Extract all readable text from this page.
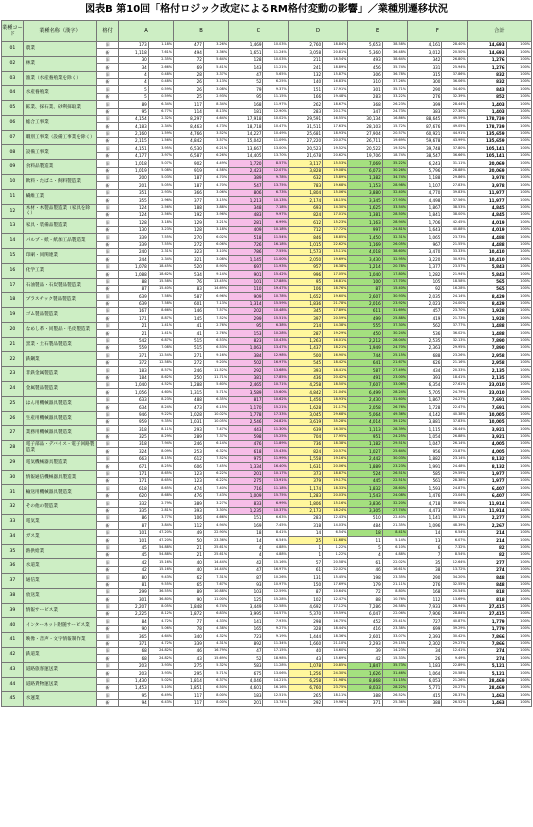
図表B 第10回「格付ロジック改定によるRM格付変動の影響」／業種別遷移状況
業種コード	業種名称（漢字）	格付	A		B		C		D		E		F		合計	
01	農業	旧	173	1.18%	477	3.26%	1,469	10.03%	2,760	18.84%	5,653	38.58%	4,161	28.40%	14,693	100%
		新	1,118	7.61%	494	3.36%	1,651	11.24%	3,058	20.81%	5,360	36.48%	3,012	20.50%	14,693	100%
02	林業	旧	30	2.35%	72	5.64%	128	10.03%	211	16.54%	493	38.64%	342	26.80%	1,276	100%
		新	34	2.66%	69	5.41%	143	11.21%	241	18.89%	456	35.74%	331	25.94%	1,276	100%
03	漁業（水産養殖業を除く）	旧	4	0.48%	28	3.37%	47	5.65%	132	15.87%	306	36.78%	315	37.86%	832	100%
		新	4	0.48%	26	3.13%	52	6.25%	140	16.83%	310	37.26%	300	36.06%	832	100%
04	水産養殖業	旧	5	0.59%	26	3.08%	79	9.37%	151	17.91%	301	35.71%	290	34.40%	843	100%
		新	5	0.59%	25	2.93%	95	11.15%	166	19.48%	283	33.22%	276	32.39%	852	100%
05	鉱業、採石業、砂利採取業	旧	89	6.34%	117	8.34%	168	11.97%	262	18.67%	368	26.23%	399	28.44%	1,403	100%
		新	95	6.77%	114	8.13%	181	12.90%	283	20.17%	347	24.73%	383	27.30%	1,403	100%
06	総合工事業	旧	4,154	2.32%	8,297	4.64%	17,918	10.02%	29,591	16.55%	30,134	16.86%	88,645	49.59%	178,739	100%
		新	4,183	2.34%	8,463	4.73%	18,718	10.47%	31,511	17.63%	28,103	15.72%	87,676	49.05%	178,739	100%
07	職別工事業（設備工事業を除く）	旧	2,160	1.59%	4,766	3.52%	14,227	10.49%	25,681	18.93%	27,904	20.57%	60,921	44.91%	135,659	100%
		新	2,115	1.56%	4,842	3.57%	15,042	11.09%	27,220	20.07%	26,711	19.69%	59,678	43.99%	135,659	100%
08	設備工事業	旧	4,151	3.95%	6,530	6.21%	13,667	13.00%	20,523	19.52%	20,522	19.52%	39,748	37.80%	105,141	100%
		新	4,177	3.97%	6,587	6.26%	14,405	13.70%	21,678	20.62%	19,706	18.74%	38,547	36.66%	105,141	100%
09	食料品製造業	旧	1,018	5.07%	902	4.49%	1,720	8.57%	3,117	15.53%	7,069	35.22%	6,243	31.11%	20,069	100%
		新	1,019	5.08%	919	4.58%	2,423	12.07%	3,828	19.08%	6,073	30.26%	5,796	28.88%	20,069	100%
10	飲料・たばこ・飼料製造業	旧	200	5.03%	187	4.70%	389	9.78%	632	15.89%	1,382	34.74%	1,188	29.86%	3,978	100%
		新	201	5.05%	187	4.70%	547	13.75%	783	19.68%	1,153	28.98%	1,107	27.83%	3,978	100%
11	繊維工業	旧	351	2.93%	366	3.06%	806	6.73%	1,804	15.06%	3,880	32.40%	4,770	39.83%	11,977	100%
		新	355	2.96%	377	3.15%	1,213	10.13%	2,174	18.15%	3,345	27.93%	4,498	37.56%	11,977	100%
12	木材・木製品製造業（家具を除く）	旧	124	2.56%	188	3.88%	348	7.18%	693	14.30%	1,625	33.54%	1,867	38.53%	4,845	100%
		新	124	2.56%	192	3.96%	483	9.97%	824	17.01%	1,381	28.50%	1,841	38.00%	4,845	100%
13	家具・装備品製造業	旧	128	3.18%	129	3.21%	281	6.99%	612	15.23%	1,163	28.94%	1,706	42.45%	4,019	100%
		新	130	3.23%	128	3.18%	409	10.18%	712	17.72%	997	24.81%	1,643	40.88%	4,019	100%
14	パルプ・紙・紙加工品製造業	旧	339	7.55%	270	6.02%	518	11.54%	846	18.85%	1,450	32.31%	1,065	23.73%	4,488	100%
		新	339	7.55%	272	6.06%	726	16.18%	1,015	22.62%	1,169	26.05%	967	21.55%	4,488	100%
15	印刷・同関連業	旧	240	2.31%	323	3.10%	786	7.55%	1,573	15.11%	4,018	38.60%	3,470	33.33%	10,410	100%
		新	244	2.34%	321	3.08%	1,145	11.00%	2,050	19.69%	3,430	32.95%	3,220	30.93%	10,410	100%
16	化学工業	旧	1,078	18.45%	520	8.90%	697	11.93%	957	16.38%	1,214	20.78%	1,377	23.57%	5,843	100%
		新	1,088	18.62%	534	9.14%	901	15.42%	996	17.05%	1,040	17.80%	1,282	21.94%	5,843	100%
17	石油製品・石炭製品製造業	旧	88	15.58%	76	13.45%	101	17.88%	95	16.81%	100	17.70%	105	18.58%	565	100%
		新	87	15.40%	83	14.69%	110	19.47%	106	18.76%	87	15.40%	92	16.28%	565	100%
18	プラスチック製品製造業	旧	639	7.58%	587	6.96%	909	10.78%	1,652	19.60%	2,607	30.93%	2,035	24.14%	8,429	100%
		新	639	7.58%	601	7.13%	1,314	15.59%	1,836	21.78%	2,016	23.92%	2,023	24.00%	8,429	100%
19	ゴム製品製造業	旧	167	8.66%	146	7.57%	202	10.48%	345	17.89%	611	31.69%	457	23.70%	1,928	100%
		新	171	8.87%	145	7.52%	299	15.51%	397	20.59%	499	25.88%	419	21.73%	1,928	100%
20	なめし革・同製品・毛皮製造業	旧	21	1.41%	41	2.76%	95	6.38%	214	14.38%	555	37.30%	562	37.77%	1,488	100%
		新	21	1.41%	41	2.76%	153	10.28%	287	19.29%	450	30.24%	536	36.02%	1,488	100%
21	窯業・土石製品製造業	旧	542	6.87%	515	6.53%	823	10.43%	1,263	16.01%	2,212	28.04%	2,535	32.13%	7,890	100%
		新	559	7.08%	515	6.53%	1,063	13.47%	1,437	18.21%	1,949	24.70%	2,363	29.95%	7,890	100%
22	鉄鋼業	旧	371	12.54%	271	9.16%	384	12.98%	500	16.90%	744	25.15%	688	23.26%	2,958	100%
		新	372	12.58%	272	9.20%	502	16.97%	545	18.42%	641	21.67%	626	21.16%	2,958	100%
23	非鉄金属製造業	旧	183	8.57%	246	11.52%	292	13.68%	393	18.41%	587	27.49%	434	20.33%	2,135	100%
		新	184	8.62%	250	11.71%	381	17.85%	436	20.42%	491	23.00%	393	18.41%	2,135	100%
24	金属製品製造業	旧	1,040	4.52%	1,288	5.60%	2,465	10.71%	4,258	18.50%	7,607	33.06%	6,354	27.61%	23,010	100%
		新	1,056	4.60%	1,315	5.71%	3,589	15.60%	4,842	21.04%	6,499	28.24%	5,705	24.79%	23,010	100%
25	はん用機械器具製造業	旧	633	8.23%	488	6.35%	817	10.62%	1,456	18.93%	2,430	31.60%	1,867	24.27%	7,691	100%
		新	634	8.24%	473	6.15%	1,170	15.21%	1,628	21.17%	2,058	26.76%	1,728	22.47%	7,691	100%
26	生産用機械器具製造業	旧	946	9.22%	1,028	10.02%	1,778	17.33%	3,045	29.68%	5,064	49.36%	4,142	40.38%	10,005	100%
		新	959	9.35%	1,031	10.05%	2,546	24.82%	3,619	35.28%	4,014	39.12%	3,881	37.83%	10,005	100%
27	業務用機械器具製造業	旧	318	8.11%	293	7.47%	443	11.30%	639	16.30%	1,113	28.39%	1,115	28.44%	3,921	100%
		新	325	8.29%	289	7.37%	598	15.25%	704	17.95%	951	24.25%	1,054	26.88%	3,921	100%
28	電子部品・デバイス・電子回路製造業	旧	318	7.94%	246	6.14%	476	11.89%	736	18.38%	1,182	29.51%	1,047	26.14%	4,005	100%
		新	324	8.09%	253	6.32%	618	15.43%	824	20.57%	1,027	25.64%	956	23.87%	4,005	100%
29	電気機械器具製造業	旧	663	8.15%	612	7.52%	975	11.99%	1,558	19.16%	2,442	30.03%	1,882	23.14%	8,132	100%
		新	671	8.25%	606	7.45%	1,334	16.40%	1,631	20.06%	1,889	23.23%	1,991	24.48%	8,132	100%
30	情報通信機械器具製造業	旧	171	8.65%	123	6.22%	201	10.17%	373	18.87%	524	26.51%	585	29.59%	1,977	100%
		新	171	8.65%	123	6.22%	275	13.91%	379	19.17%	445	22.51%	561	28.38%	1,977	100%
31	輸送用機械器具製造業	旧	618	8.65%	474	7.40%	716	11.18%	1,174	18.33%	1,832	28.60%	1,593	24.87%	6,407	100%
		新	620	8.68%	476	7.43%	1,009	15.75%	1,283	20.03%	1,543	24.08%	1,476	23.04%	6,407	100%
32	その他の製造業	旧	332	2.79%	389	3.27%	833	6.99%	1,806	15.16%	3,836	32.20%	4,718	39.60%	11,914	100%
		新	335	2.81%	393	3.30%	1,235	10.37%	2,173	18.24%	3,305	27.74%	4,473	37.54%	11,914	100%
33	電気業	旧	86	3.77%	106	4.66%	151	6.63%	283	12.43%	510	22.40%	1,141	50.11%	2,277	100%
		新	87	3.84%	112	4.94%	169	7.45%	318	14.03%	484	21.35%	1,096	48.39%	2,267	100%
34	ガス業	旧	101	47.20%	49	22.90%	18	8.41%	14	6.54%	18	8.41%	14	6.54%	214	100%
		新	101	47.20%	50	23.36%	14	6.54%	25	11.68%	11	5.14%	13	6.07%	214	100%
35	熱供給業	旧	45	54.88%	21	25.61%	4	4.88%	1	1.22%	5	6.10%	6	7.32%	82	100%
		新	45	54.88%	21	25.61%	4	4.88%	1	1.22%	4	4.88%	7	8.54%	82	100%
36	水道業	旧	42	15.16%	40	14.44%	42	15.16%	57	20.58%	61	22.02%	35	12.64%	277	100%
		新	42	15.16%	40	14.44%	47	16.97%	61	22.02%	46	16.61%	38	13.72%	274	100%
37	通信業	旧	80	9.43%	62	7.31%	87	10.26%	131	15.45%	198	23.35%	290	34.20%	848	100%
		新	81	9.55%	65	7.67%	93	10.97%	150	17.69%	179	21.11%	276	32.55%	848	100%
38	放送業	旧	299	36.55%	89	10.88%	103	12.59%	87	10.64%	72	8.80%	168	20.54%	818	100%
		新	301	36.80%	90	11.00%	125	15.28%	102	12.47%	88	10.76%	112	13.69%	818	100%
39	情報サービス業	旧	2,207	8.05%	1,848	6.74%	3,449	12.58%	4,692	17.12%	7,286	26.58%	7,933	28.94%	27,415	100%
		新	2,225	8.12%	1,872	6.83%	3,995	14.57%	5,370	19.59%	6,047	22.06%	7,906	28.84%	27,415	100%
40	インターネット附随サービス業	旧	84	4.72%	77	4.33%	141	7.93%	298	16.75%	452	25.41%	727	40.87%	1,779	100%
		新	90	5.06%	78	4.38%	165	9.27%	328	18.44%	416	23.38%	699	39.29%	1,779	100%
41	映像・音声・文字情報制作業	旧	365	4.64%	340	4.32%	723	9.19%	1,444	18.36%	2,601	33.07%	2,393	30.42%	7,866	100%
		新	371	4.72%	339	4.31%	892	11.34%	1,660	21.10%	2,293	29.15%	2,302	29.27%	7,866	100%
42	鉄道業	旧	68	24.82%	46	16.79%	47	17.15%	40	14.60%	39	14.23%	34	12.41%	274	100%
		新	68	24.82%	43	15.69%	52	18.98%	43	15.69%	42	15.33%	26	9.49%	274	100%
43	道路旅客運送業	旧	203	3.93%	275	5.32%	583	11.28%	1,078	20.85%	1,847	35.73%	1,183	22.89%	5,121	100%
		新	203	3.93%	295	5.71%	675	13.06%	1,256	24.30%	1,626	31.46%	1,064	20.58%	5,121	100%
44	道路貨物運送業	旧	1,430	5.02%	1,814	6.37%	4,046	14.21%	6,258	21.98%	8,868	31.15%	6,053	21.26%	28,469	100%
		新	1,453	5.10%	1,851	6.50%	4,601	16.16%	6,760	23.75%	8,033	28.22%	5,771	20.27%	28,469	100%
45	水運業	旧	95	6.49%	117	8.00%	183	12.51%	265	18.11%	388	26.52%	415	28.37%	1,463	100%
		新	94	6.43%	117	8.00%	201	13.74%	292	19.96%	371	25.36%	388	26.52%	1,463	100%
